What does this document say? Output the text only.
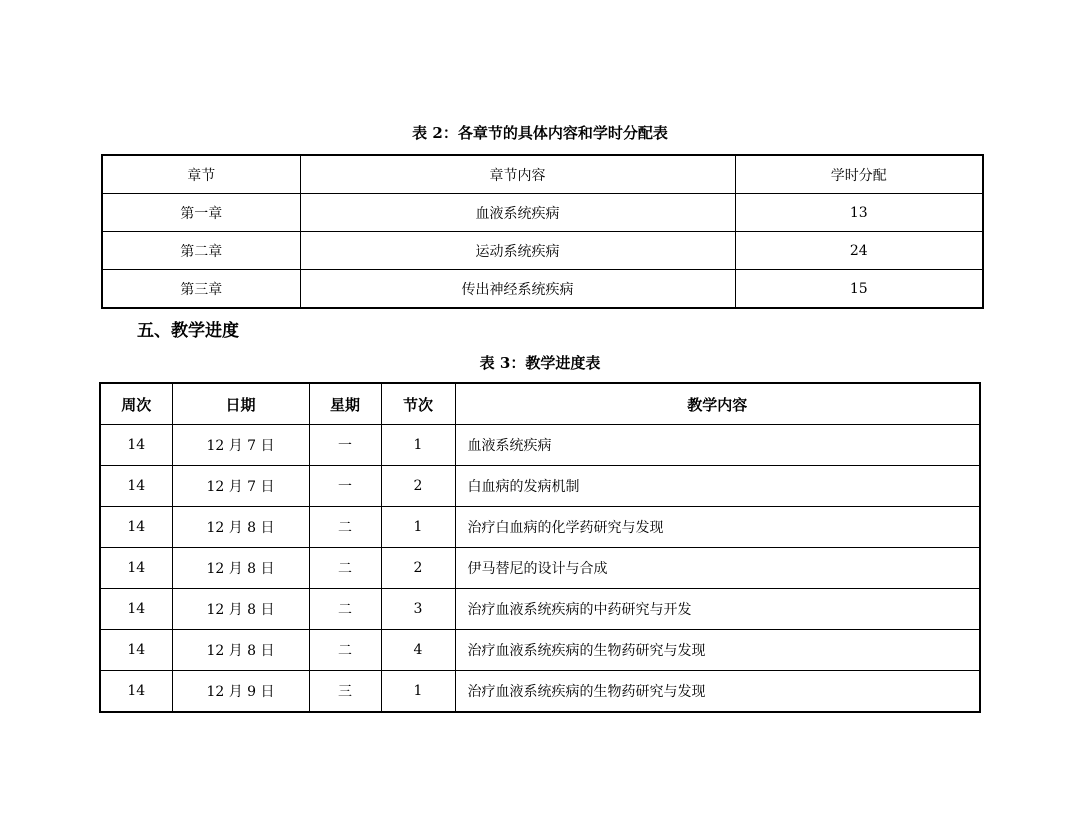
表 2：各章节的具体内容和学时分配表
章节	章节内容	学时分配
第一章	血液系统疾病	13
第二章	运动系统疾病	24
第三章	传出神经系统疾病	15
五、教学进度
表 3：教学进度表
周次	日期	星期	节次	教学内容
14	12 月 7 日	一	1	血液系统疾病
14	12 月 7 日	一	2	白血病的发病机制
14	12 月 8 日	二	1	治疗白血病的化学药研究与发现
14	12 月 8 日	二	2	伊马替尼的设计与合成
14	12 月 8 日	二	3	治疗血液系统疾病的中药研究与开发
14	12 月 8 日	二	4	治疗血液系统疾病的生物药研究与发现
14	12 月 9 日	三	1	治疗血液系统疾病的生物药研究与发现
